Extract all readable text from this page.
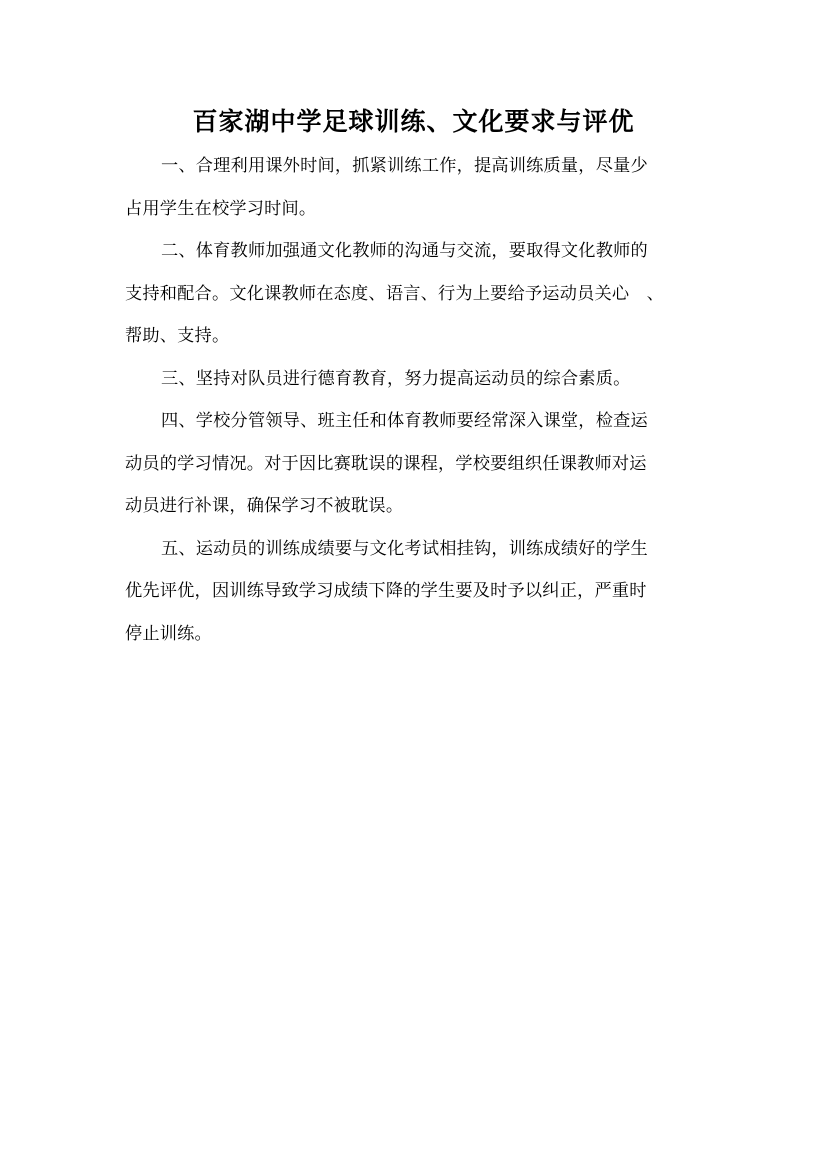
百家湖中学足球训练、文化要求与评优

一、合理利用课外时间，抓紧训练工作，提高训练质量，尽量少
占用学生在校学习时间。

二、体育教师加强通文化教师的沟通与交流，要取得文化教师的
支持和配合。文化课教师在态度、语言、行为上要给予运动员关心　、
帮助、支持。

三、坚持对队员进行德育教育，努力提高运动员的综合素质。

四、学校分管领导、班主任和体育教师要经常深入课堂，检查运
动员的学习情况。对于因比赛耽误的课程，学校要组织任课教师对运
动员进行补课，确保学习不被耽误。

五、运动员的训练成绩要与文化考试相挂钩，训练成绩好的学生
优先评优，因训练导致学习成绩下降的学生要及时予以纠正，严重时
停止训练。
